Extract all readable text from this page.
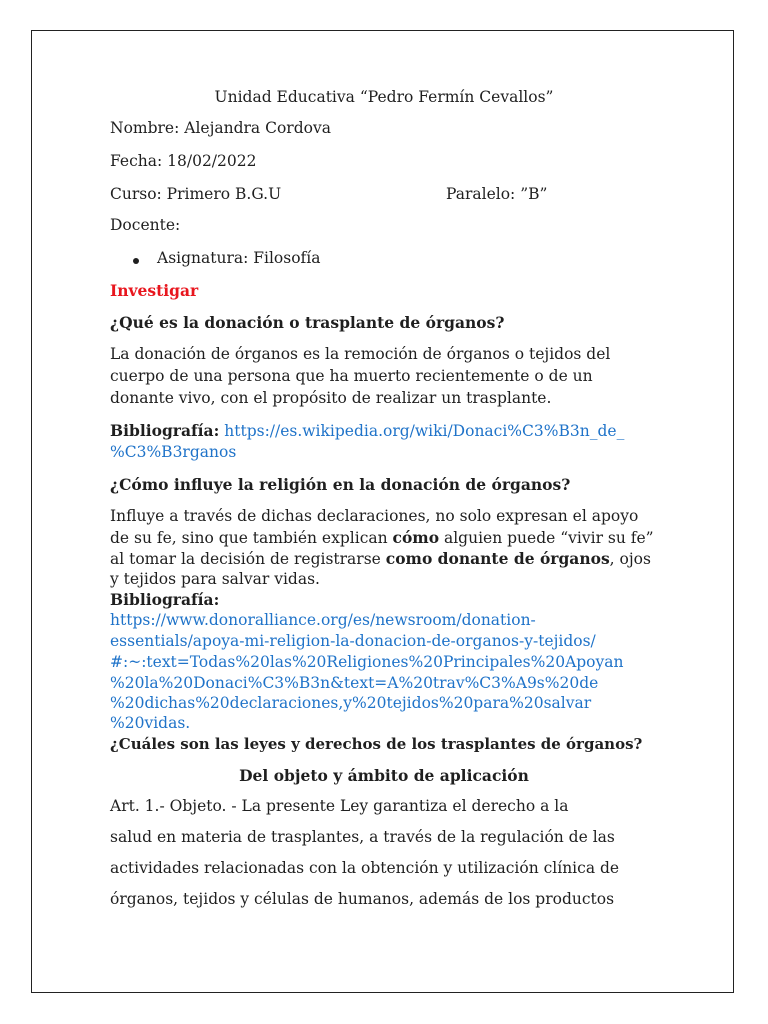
Unidad Educativa “Pedro Fermín Cevallos”
Nombre: Alejandra Cordova
Fecha: 18/02/2022
Curso: Primero B.G.U	Paralelo: ”B”
Docente:
Asignatura: Filosofía
Investigar
¿Qué es la donación o trasplante de órganos?
La donación de órganos es la remoción de órganos o tejidos del
cuerpo de una persona que ha muerto recientemente o de un
donante vivo, con el propósito de realizar un trasplante.
Bibliografía: https://es.wikipedia.org/wiki/Donaci%C3%B3n_de_
%C3%B3rganos
¿Cómo influye la religión en la donación de órganos?
Influye a través de dichas declaraciones, no solo expresan el apoyo
de su fe, sino que también explican cómo alguien puede “vivir su fe”
al tomar la decisión de registrarse como donante de órganos, ojos
y tejidos para salvar vidas.
Bibliografía:
https://www.donoralliance.org/es/newsroom/donation-
essentials/apoya-mi-religion-la-donacion-de-organos-y-tejidos/
#:~:text=Todas%20las%20Religiones%20Principales%20Apoyan
%20la%20Donaci%C3%B3n&text=A%20trav%C3%A9s%20de
%20dichas%20declaraciones,y%20tejidos%20para%20salvar
%20vidas.
¿Cuáles son las leyes y derechos de los trasplantes de órganos?
Del objeto y ámbito de aplicación
Art. 1.- Objeto. - La presente Ley garantiza el derecho a la
salud en materia de trasplantes, a través de la regulación de las
actividades relacionadas con la obtención y utilización clínica de
órganos, tejidos y células de humanos, además de los productos
